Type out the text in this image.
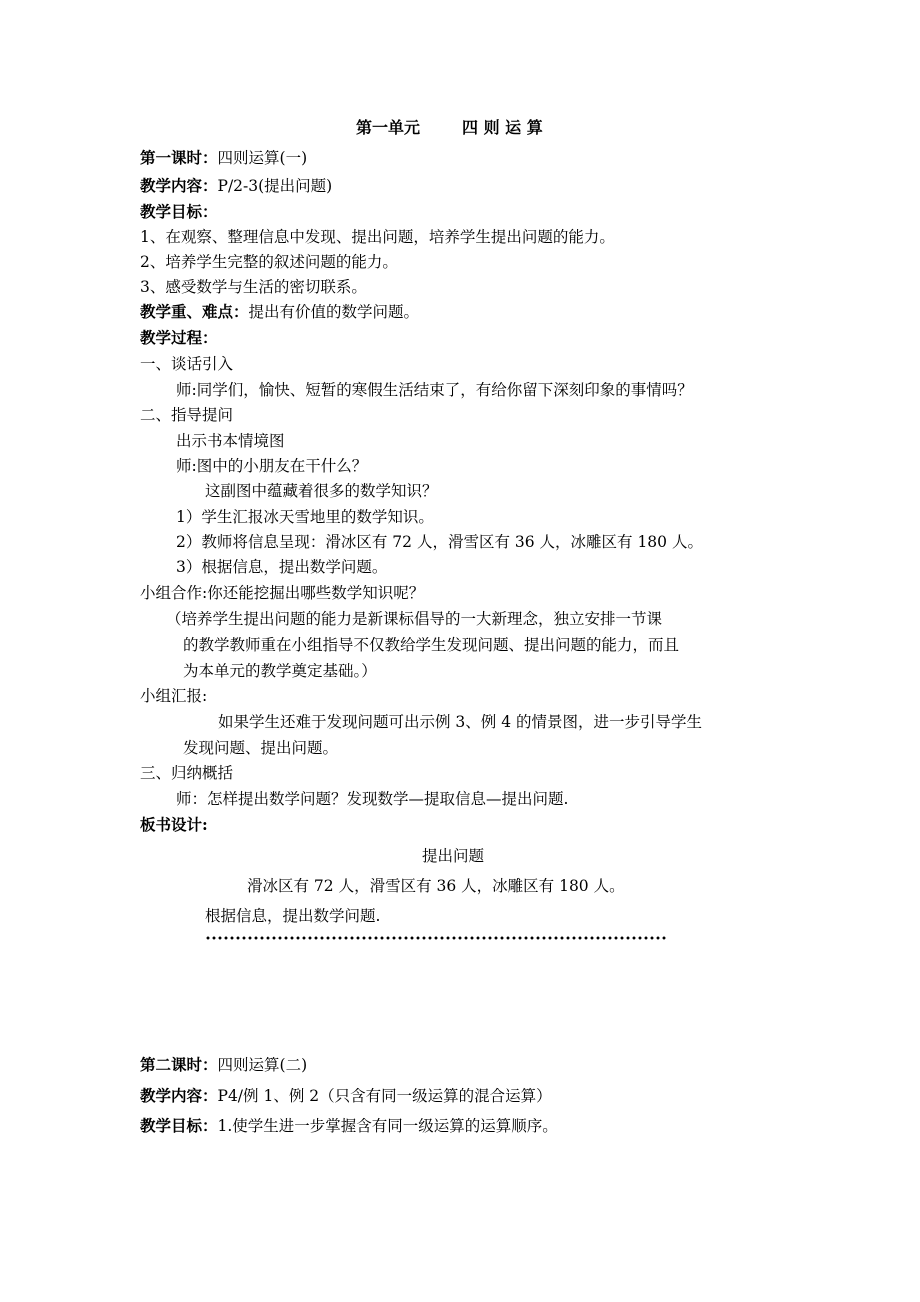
第一单元	四 则 运 算
第一课时：四则运算(一)
教学内容：P/2-3(提出问题)
教学目标：
1、在观察、整理信息中发现、提出问题，培养学生提出问题的能力。
2、培养学生完整的叙述问题的能力。
3、感受数学与生活的密切联系。
教学重、难点：提出有价值的数学问题。
教学过程：
一、谈话引入
师:同学们，愉快、短暂的寒假生活结束了，有给你留下深刻印象的事情吗？
二、指导提问
出示书本情境图
师:图中的小朋友在干什么？
这副图中蕴藏着很多的数学知识？
1）学生汇报冰天雪地里的数学知识。
2）教师将信息呈现：滑冰区有 72 人，滑雪区有 36 人，冰雕区有 180 人。
3）根据信息，提出数学问题。
小组合作:你还能挖掘出哪些数学知识呢？
（培养学生提出问题的能力是新课标倡导的一大新理念，独立安排一节课
的教学教师重在小组指导不仅教给学生发现问题、提出问题的能力，而且
为本单元的教学奠定基础。）
小组汇报:
如果学生还难于发现问题可出示例 3、例 4 的情景图，进一步引导学生
发现问题、提出问题。
三、归纳概括
师：怎样提出数学问题？发现数学—提取信息—提出问题.
板书设计:
提出问题
滑冰区有 72 人，滑雪区有 36 人，冰雕区有 180 人。
根据信息，提出数学问题.
第二课时：四则运算(二)
教学内容：P4/例 1、例 2（只含有同一级运算的混合运算）
教学目标：1.使学生进一步掌握含有同一级运算的运算顺序。
